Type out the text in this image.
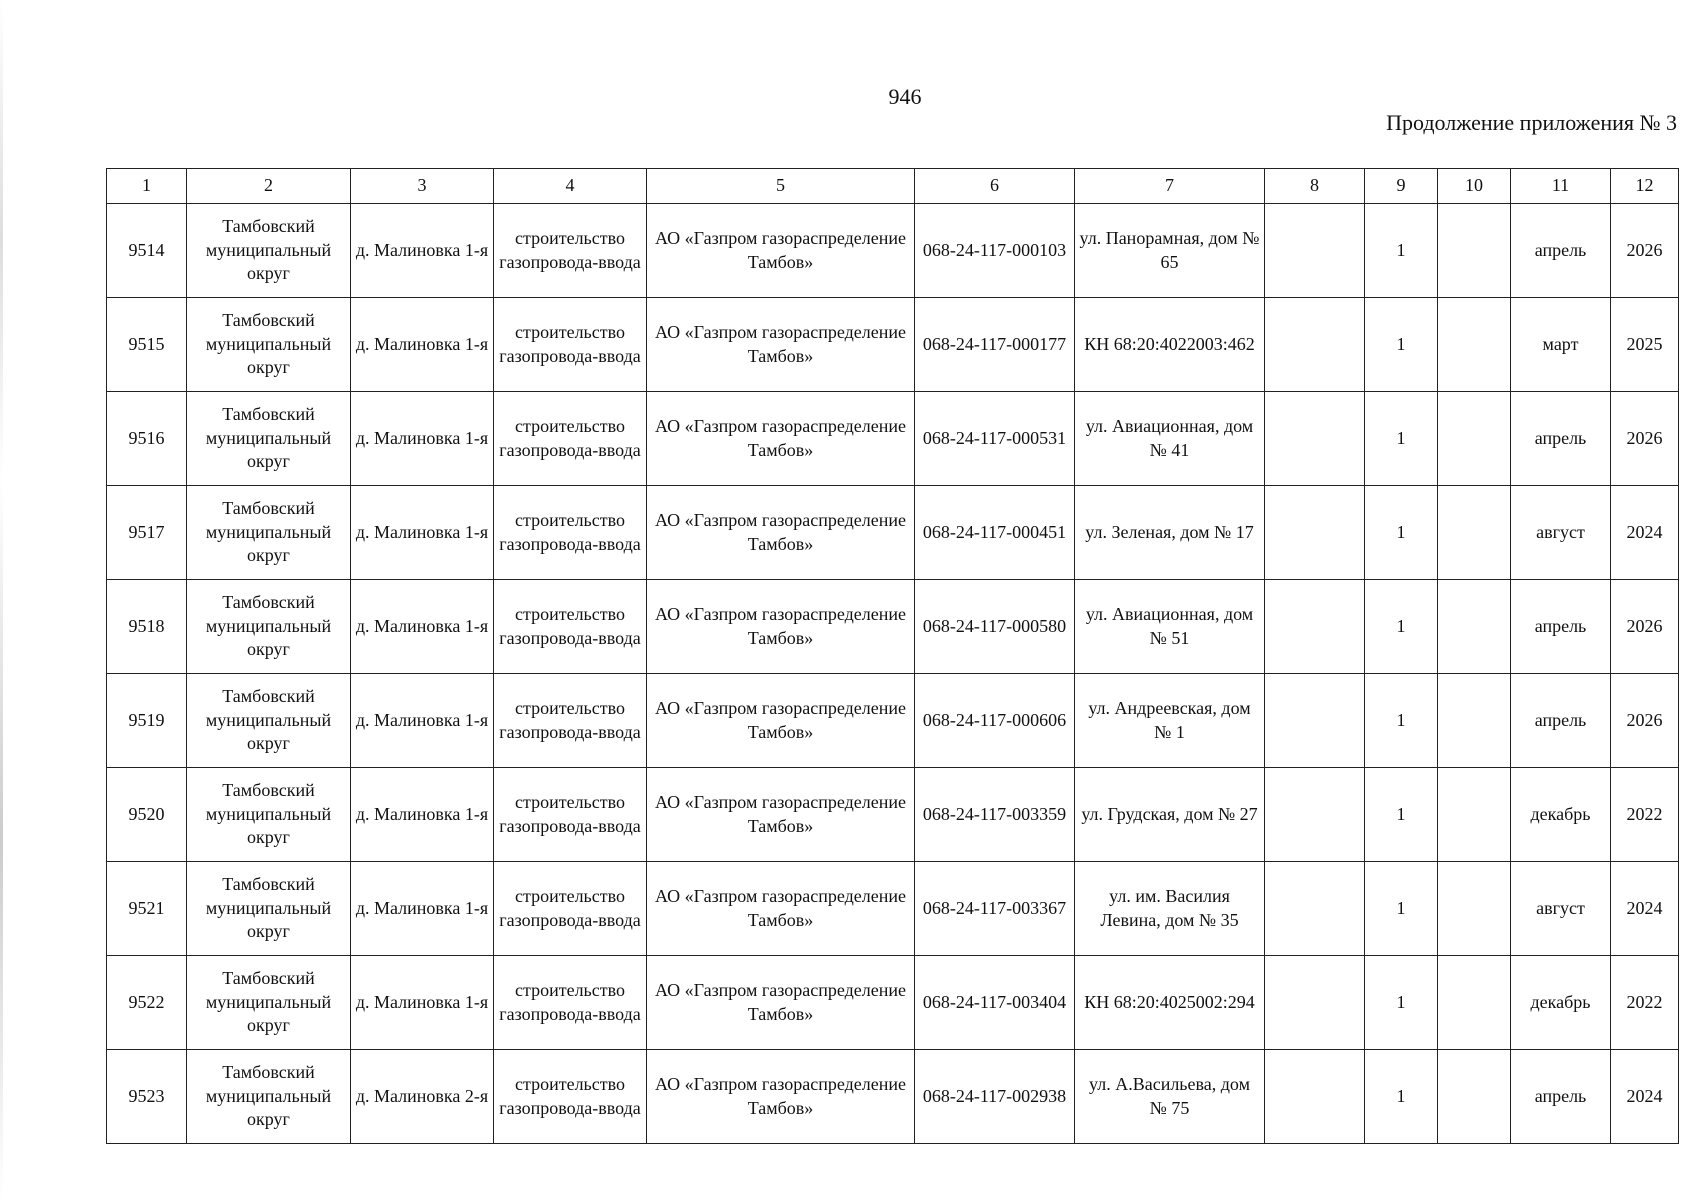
946
Продолжение приложения № 3
1	2	3	4	5	6	7	8	9	10	11	12
9514	Тамбовский муниципальный округ	д. Малиновка 1-я	строительство газопровода-ввода	АО «Газпром газораспределение Тамбов»	068-24-117-000103	ул. Панорамная, дом № 65		1		апрель	2026
9515	Тамбовский муниципальный округ	д. Малиновка 1-я	строительство газопровода-ввода	АО «Газпром газораспределение Тамбов»	068-24-117-000177	КН 68:20:4022003:462		1		март	2025
9516	Тамбовский муниципальный округ	д. Малиновка 1-я	строительство газопровода-ввода	АО «Газпром газораспределение Тамбов»	068-24-117-000531	ул. Авиационная, дом № 41		1		апрель	2026
9517	Тамбовский муниципальный округ	д. Малиновка 1-я	строительство газопровода-ввода	АО «Газпром газораспределение Тамбов»	068-24-117-000451	ул. Зеленая, дом № 17		1		август	2024
9518	Тамбовский муниципальный округ	д. Малиновка 1-я	строительство газопровода-ввода	АО «Газпром газораспределение Тамбов»	068-24-117-000580	ул. Авиационная, дом № 51		1		апрель	2026
9519	Тамбовский муниципальный округ	д. Малиновка 1-я	строительство газопровода-ввода	АО «Газпром газораспределение Тамбов»	068-24-117-000606	ул. Андреевская, дом № 1		1		апрель	2026
9520	Тамбовский муниципальный округ	д. Малиновка 1-я	строительство газопровода-ввода	АО «Газпром газораспределение Тамбов»	068-24-117-003359	ул. Грудская, дом № 27		1		декабрь	2022
9521	Тамбовский муниципальный округ	д. Малиновка 1-я	строительство газопровода-ввода	АО «Газпром газораспределение Тамбов»	068-24-117-003367	ул. им. Василия Левина, дом № 35		1		август	2024
9522	Тамбовский муниципальный округ	д. Малиновка 1-я	строительство газопровода-ввода	АО «Газпром газораспределение Тамбов»	068-24-117-003404	КН 68:20:4025002:294		1		декабрь	2022
9523	Тамбовский муниципальный округ	д. Малиновка 2-я	строительство газопровода-ввода	АО «Газпром газораспределение Тамбов»	068-24-117-002938	ул. А.Васильева, дом № 75		1		апрель	2024
